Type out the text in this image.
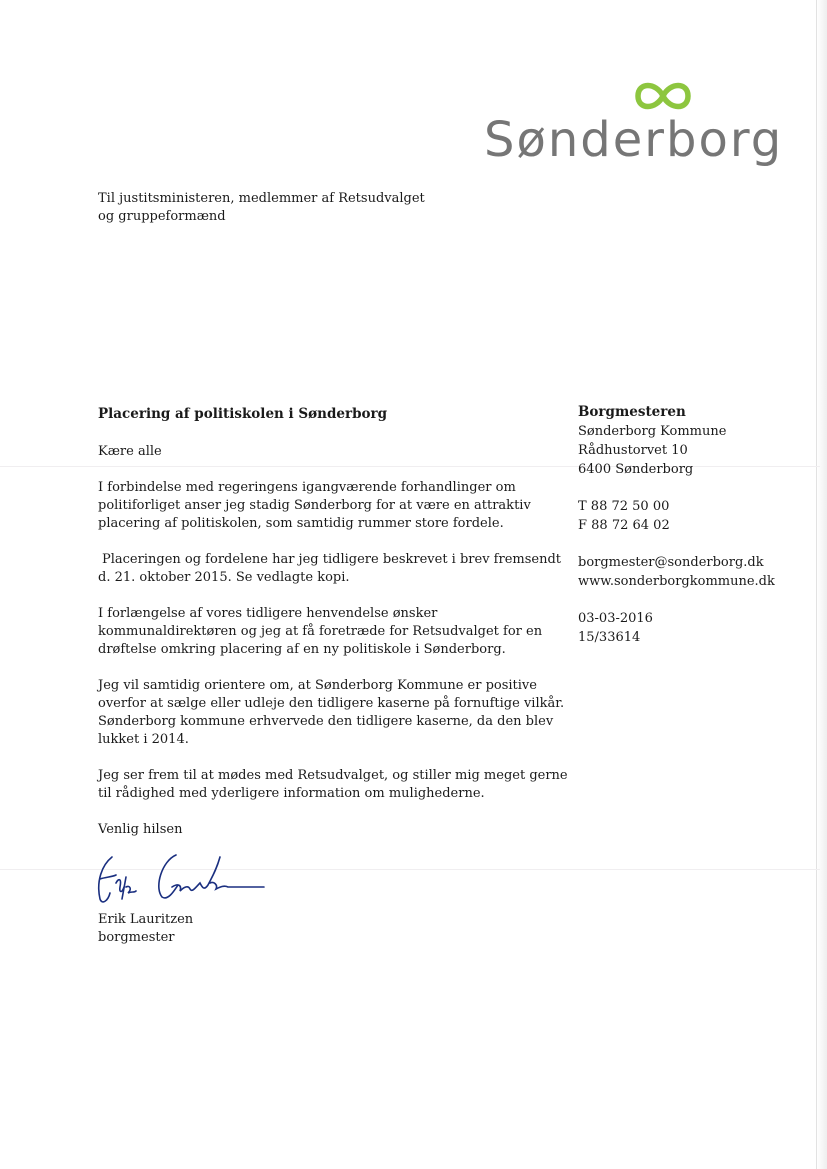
Sønderborg
Til justitsministeren, medlemmer af Retsudvalget
og gruppeformænd

Placering af politiskolen i Sønderborg

Kære alle

I forbindelse med regeringens igangværende forhandlinger om politiforliget anser jeg stadig Sønderborg for at være en attraktiv placering af politiskolen, som samtidig rummer store fordele.

Placeringen og fordelene har jeg tidligere beskrevet i brev fremsendt d. 21. oktober 2015. Se vedlagte kopi.

I forlængelse af vores tidligere henvendelse ønsker kommunaldirektøren og jeg at få foretræde for Retsudvalget for en drøftelse omkring placering af en ny politiskole i Sønderborg.

Jeg vil samtidig orientere om, at Sønderborg Kommune er positive overfor at sælge eller udleje den tidligere kaserne på fornuftige vilkår. Sønderborg kommune erhvervede den tidligere kaserne, da den blev lukket i 2014.

Jeg ser frem til at mødes med Retsudvalget, og stiller mig meget gerne til rådighed med yderligere information om mulighederne.

Venlig hilsen

Erik Lauritzen
borgmester
Borgmesteren
Sønderborg Kommune
Rådhustorvet 10
6400 Sønderborg
T 88 72 50 00
F 88 72 64 02
borgmester@sonderborg.dk
www.sonderborgkommune.dk
03-03-2016
15/33614
